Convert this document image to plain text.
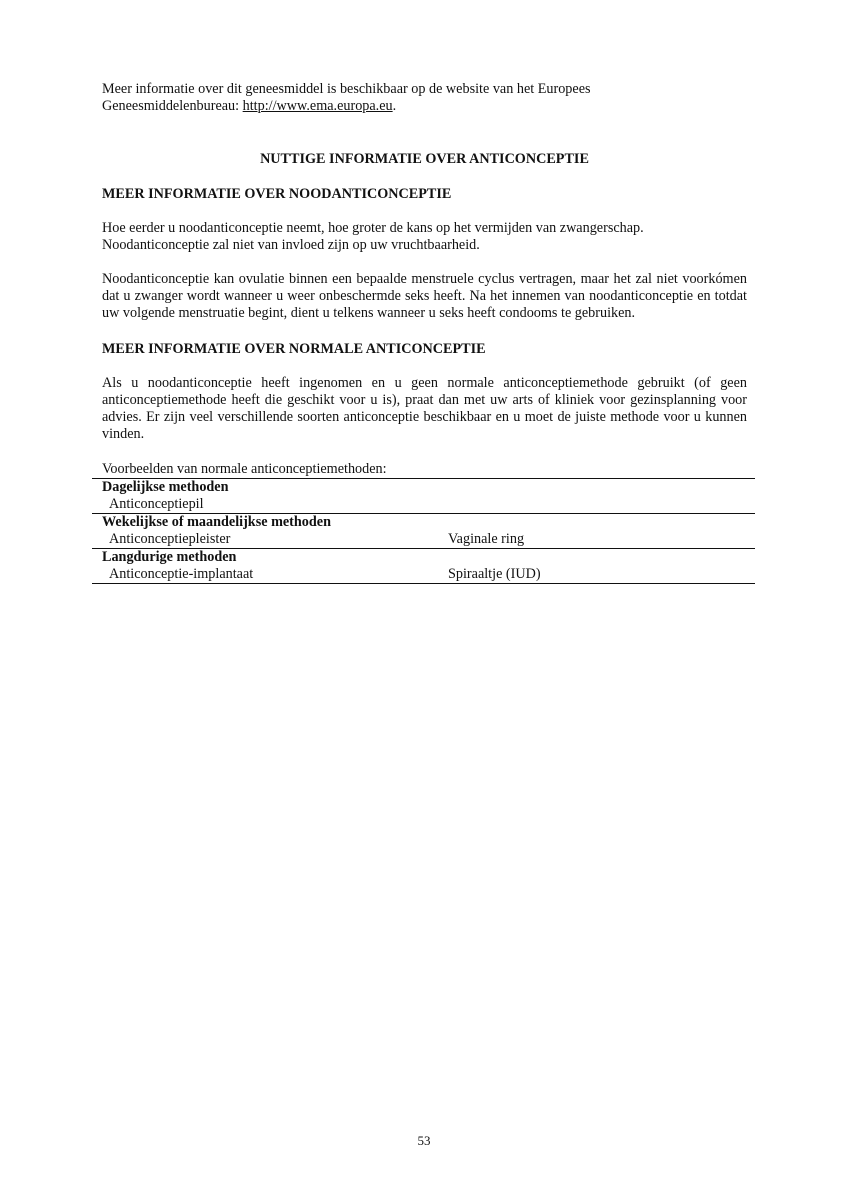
Meer informatie over dit geneesmiddel is beschikbaar op de website van het Europees
Geneesmiddelenbureau: http://www.ema.europa.eu.

NUTTIGE INFORMATIE OVER ANTICONCEPTIE

MEER INFORMATIE OVER NOODANTICONCEPTIE

Hoe eerder u noodanticonceptie neemt, hoe groter de kans op het vermijden van zwangerschap.
Noodanticonceptie zal niet van invloed zijn op uw vruchtbaarheid.

Noodanticonceptie kan ovulatie binnen een bepaalde menstruele cyclus vertragen, maar het zal niet voorkómen dat u zwanger wordt wanneer u weer onbeschermde seks heeft. Na het innemen van noodanticonceptie en totdat uw volgende menstruatie begint, dient u telkens wanneer u seks heeft condooms te gebruiken.

MEER INFORMATIE OVER NORMALE ANTICONCEPTIE

Als u noodanticonceptie heeft ingenomen en u geen normale anticonceptiemethode gebruikt (of geen anticonceptiemethode heeft die geschikt voor u is), praat dan met uw arts of kliniek voor gezinsplanning voor advies. Er zijn veel verschillende soorten anticonceptie beschikbaar en u moet de juiste methode voor u kunnen vinden.

Voorbeelden van normale anticonceptiemethoden:

Dagelijkse methoden	
Anticonceptiepil	
Wekelijkse of maandelijkse methoden	
Anticonceptiepleister	Vaginale ring
Langdurige methoden	
Anticonceptie-implantaat	Spiraaltje (IUD)
53
